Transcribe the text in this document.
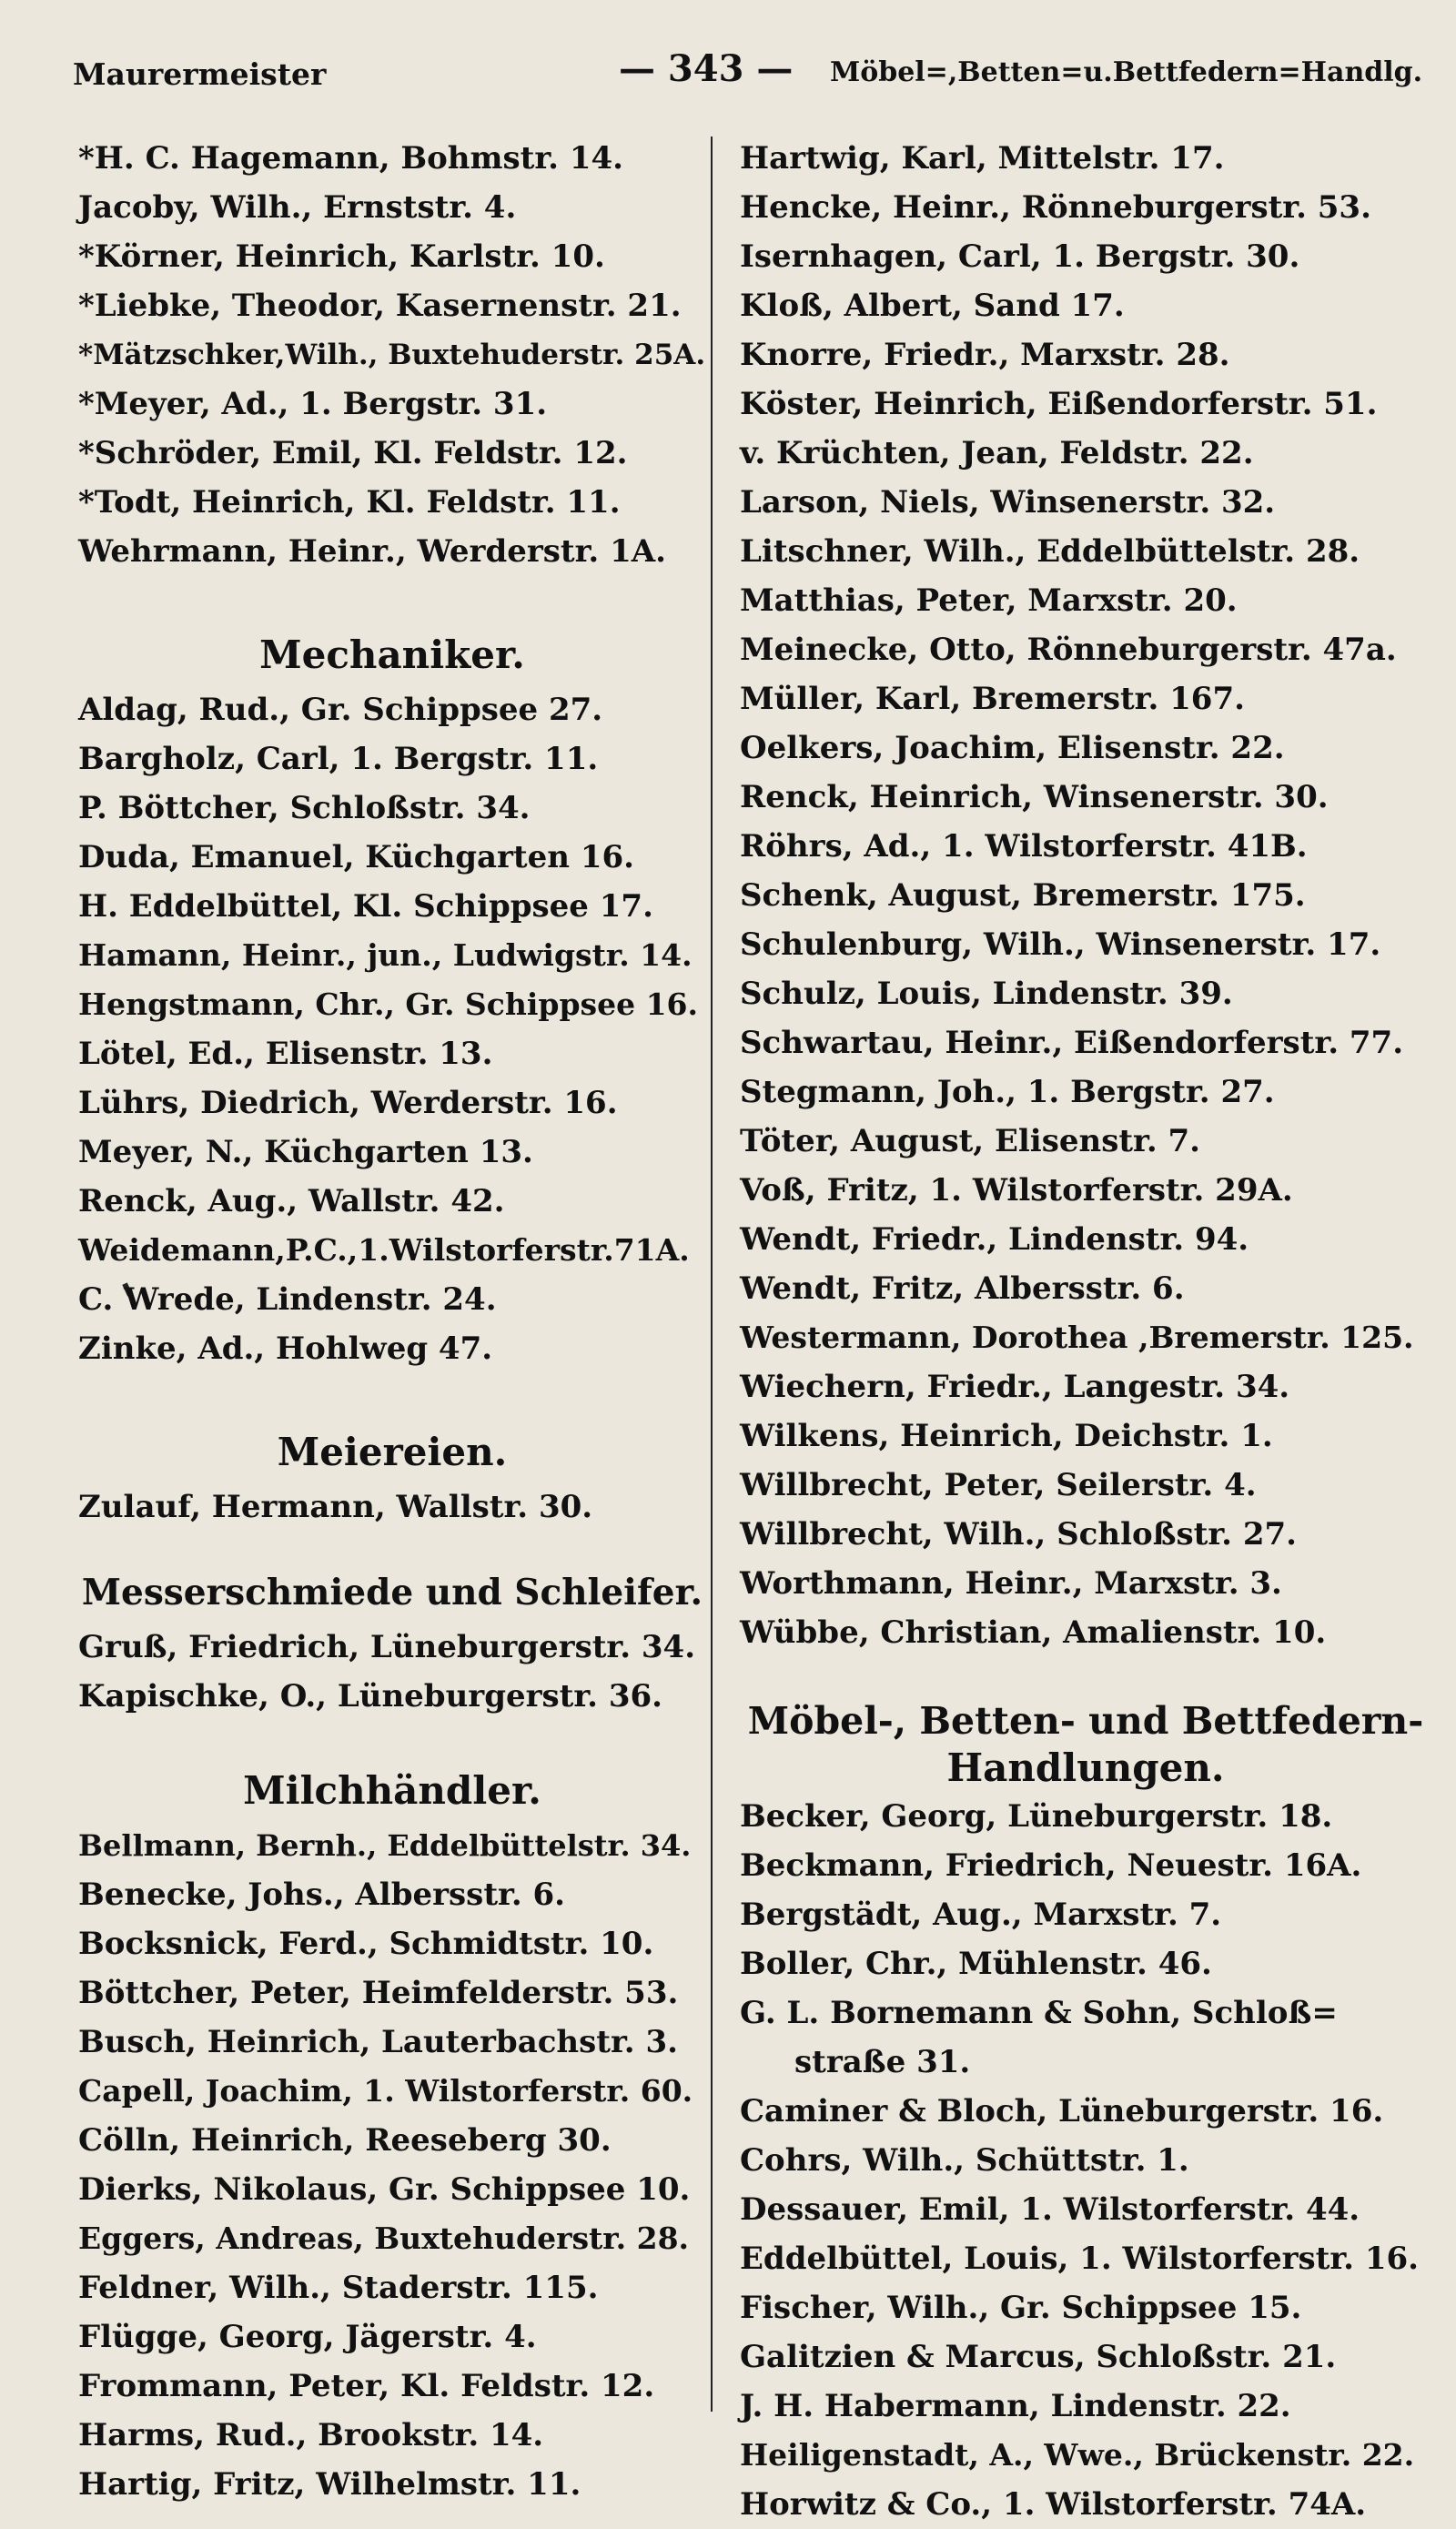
Maurermeister	— 343 — Möbel=,Betten=u.Bettfedern=Handlg.
*H. C. Hagemann, Bohmstr. 14.
Jacoby, Wilh., Ernststr. 4.
*Körner, Heinrich, Karlstr. 10.
*Liebke, Theodor, Kasernenstr. 21.
*Mätzschker,Wilh., Buxtehuderstr. 25A.
*Meyer, Ad., 1. Bergstr. 31.
*Schröder, Emil, Kl. Feldstr. 12.
*Todt, Heinrich, Kl. Feldstr. 11.
Wehrmann, Heinr., Werderstr. 1A.
Mechaniker.
Aldag, Rud., Gr. Schippsee 27.
Bargholz, Carl, 1. Bergstr. 11.
P. Böttcher, Schloßstr. 34.
Duda, Emanuel, Küchgarten 16.
H. Eddelbüttel, Kl. Schippsee 17.
Hamann, Heinr., jun., Ludwigstr. 14.
Hengstmann, Chr., Gr. Schippsee 16.
Lötel, Ed., Elisenstr. 13.
Lührs, Diedrich, Werderstr. 16.
Meyer, N., Küchgarten 13.
Renck, Aug., Wallstr. 42.
Weidemann,P.C.,1.Wilstorferstr.71A.
C. Wrede, Lindenstr. 24.
Zinke, Ad., Hohlweg 47.
Meiereien.
Zulauf, Hermann, Wallstr. 30.
Messerschmiede und Schleifer.
Gruß, Friedrich, Lüneburgerstr. 34.
Kapischke, O., Lüneburgerstr. 36.
Milchhändler.
Bellmann, Bernh., Eddelbüttelstr. 34.
Benecke, Johs., Albersstr. 6.
Bocksnick, Ferd., Schmidtstr. 10.
Böttcher, Peter, Heimfelderstr. 53.
Busch, Heinrich, Lauterbachstr. 3.
Capell, Joachim, 1. Wilstorferstr. 60.
Cölln, Heinrich, Reeseberg 30.
Dierks, Nikolaus, Gr. Schippsee 10.
Eggers, Andreas, Buxtehuderstr. 28.
Feldner, Wilh., Staderstr. 115.
Flügge, Georg, Jägerstr. 4.
Frommann, Peter, Kl. Feldstr. 12.
Harms, Rud., Brookstr. 14.
Hartig, Fritz, Wilhelmstr. 11.
Hartwig, Karl, Mittelstr. 17.
Hencke, Heinr., Rönneburgerstr. 53.
Isernhagen, Carl, 1. Bergstr. 30.
Kloß, Albert, Sand 17.
Knorre, Friedr., Marxstr. 28.
Köster, Heinrich, Eißendorferstr. 51.
v. Krüchten, Jean, Feldstr. 22.
Larson, Niels, Winsenerstr. 32.
Litschner, Wilh., Eddelbüttelstr. 28.
Matthias, Peter, Marxstr. 20.
Meinecke, Otto, Rönneburgerstr. 47a.
Müller, Karl, Bremerstr. 167.
Oelkers, Joachim, Elisenstr. 22.
Renck, Heinrich, Winsenerstr. 30.
Röhrs, Ad., 1. Wilstorferstr. 41B.
Schenk, August, Bremerstr. 175.
Schulenburg, Wilh., Winsenerstr. 17.
Schulz, Louis, Lindenstr. 39.
Schwartau, Heinr., Eißendorferstr. 77.
Stegmann, Joh., 1. Bergstr. 27.
Töter, August, Elisenstr. 7.
Voß, Fritz, 1. Wilstorferstr. 29A.
Wendt, Friedr., Lindenstr. 94.
Wendt, Fritz, Albersstr. 6.
Westermann, Dorothea ,Bremerstr. 125.
Wiechern, Friedr., Langestr. 34.
Wilkens, Heinrich, Deichstr. 1.
Willbrecht, Peter, Seilerstr. 4.
Willbrecht, Wilh., Schloßstr. 27.
Worthmann, Heinr., Marxstr. 3.
Wübbe, Christian, Amalienstr. 10.
Möbel-, Betten- und Bettfedern-
Handlungen.
Becker, Georg, Lüneburgerstr. 18.
Beckmann, Friedrich, Neuestr. 16A.
Bergstädt, Aug., Marxstr. 7.
Boller, Chr., Mühlenstr. 46.
G. L. Bornemann & Sohn, Schloß=
straße 31.
Caminer & Bloch, Lüneburgerstr. 16.
Cohrs, Wilh., Schüttstr. 1.
Dessauer, Emil, 1. Wilstorferstr. 44.
Eddelbüttel, Louis, 1. Wilstorferstr. 16.
Fischer, Wilh., Gr. Schippsee 15.
Galitzien & Marcus, Schloßstr. 21.
J. H. Habermann, Lindenstr. 22.
Heiligenstadt, A., Wwe., Brückenstr. 22.
Horwitz & Co., 1. Wilstorferstr. 74A.
